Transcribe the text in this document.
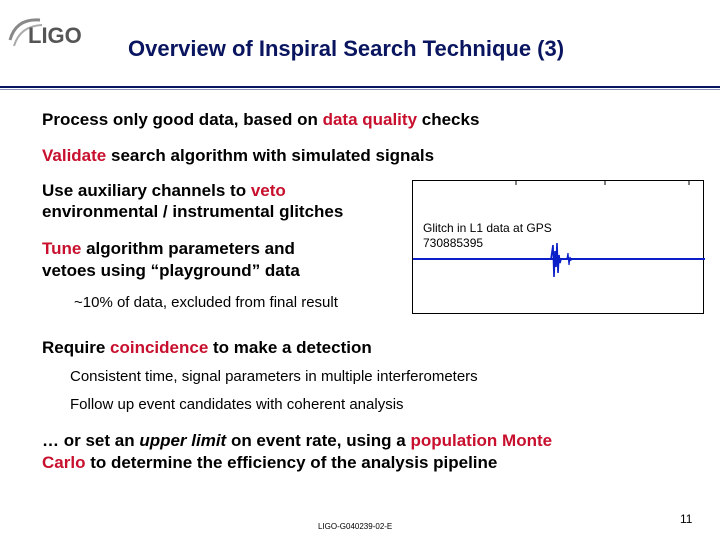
LIGO
Overview of Inspiral Search Technique (3)
Process only good data, based on data quality checks
Validate search algorithm with simulated signals
Use auxiliary channels to veto
environmental / instrumental glitches
Tune algorithm parameters and
vetoes using “playground” data
~10% of data, excluded from final result
Glitch in L1 data at GPS 730885395
Require coincidence to make a detection
Consistent time, signal parameters in multiple interferometers
Follow up event candidates with coherent analysis
… or set an upper limit on event rate, using a population Monte
Carlo to determine the efficiency of the analysis pipeline
LIGO-G040239-02-E
11
